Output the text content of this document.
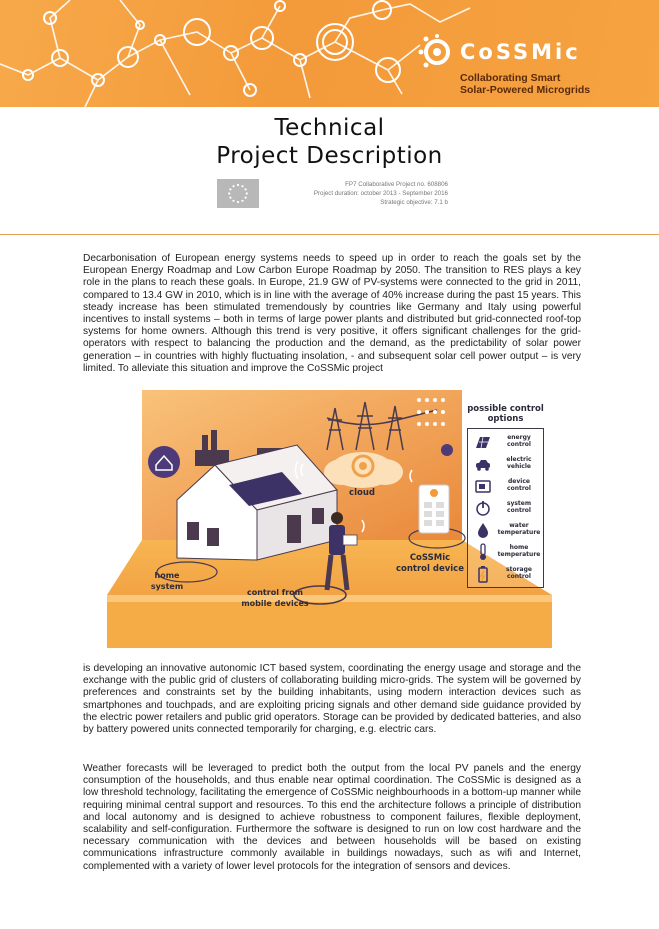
CoSSMic
Collaborating Smart
Solar-Powered Microgrids
Technical
Project Description
FP7 Collaborative Project no. 608806
Project duration: october 2013 - September 2016
Strategic objective: 7.1 b

Decarbonisation of European energy systems needs to speed up in order to reach the goals set by the European Energy Roadmap and Low Carbon Europe Roadmap by 2050. The transition to RES plays a key role in the plans to reach these goals. In Europe, 21.9 GW of PV-systems were connected to the grid in 2011, compared to 13.4 GW in 2010, which is in line with the average of 40% increase during the past 15 years. This steady increase has been stimulated tremendously by countries like Germany and Italy using powerful incentives to install systems – both in terms of large power plants and distributed but grid-connected roof-top systems for home owners. Although this trend is very positive, it offers significant challenges for the grid-operators with respect to balancing the production and the demand, as the predictability of solar power generation – in countries with highly fluctuating insolation, - and subsequent solar cell power output – is very limited. To alleviate this situation and improve the CoSSMic project

cloud
home
system
control from
mobile devices
CoSSMic
control device
possible control
options
energy
control
electric
vehicle
device
control
system
control
water
temperature
home
temperature
storage
control

is developing an innovative autonomic ICT based system, coordinating the energy usage and storage and the exchange with the public grid of clusters of collaborating building micro-grids. The system will be governed by preferences and constraints set by the building inhabitants, using modern interaction devices such as smartphones and touchpads, and are exploiting pricing signals and other demand side guidance provided by the electric power retailers and public grid operators. Storage can be provided by dedicated batteries, and also by battery powered units connected temporarily for charging, e.g. electric cars.

Weather forecasts will be leveraged to predict both the output from the local PV panels and the energy consumption of the households, and thus enable near optimal coordination. The CoSSMic is designed as a low threshold technology, facilitating the emergence of CoSSMic neighbourhoods in a bottom-up manner while requiring minimal central support and resources. To this end the architecture follows a principle of distribution and local autonomy and is designed to achieve robustness to component failures, flexible deployment, scalability and self-configuration. Furthermore the software is designed to run on low cost hardware and the necessary communication with the devices and between households will be based on existing communications infrastructure commonly available in buildings nowadays, such as wifi and Internet, complemented with a variety of lower level protocols for the integration of sensors and devices.
